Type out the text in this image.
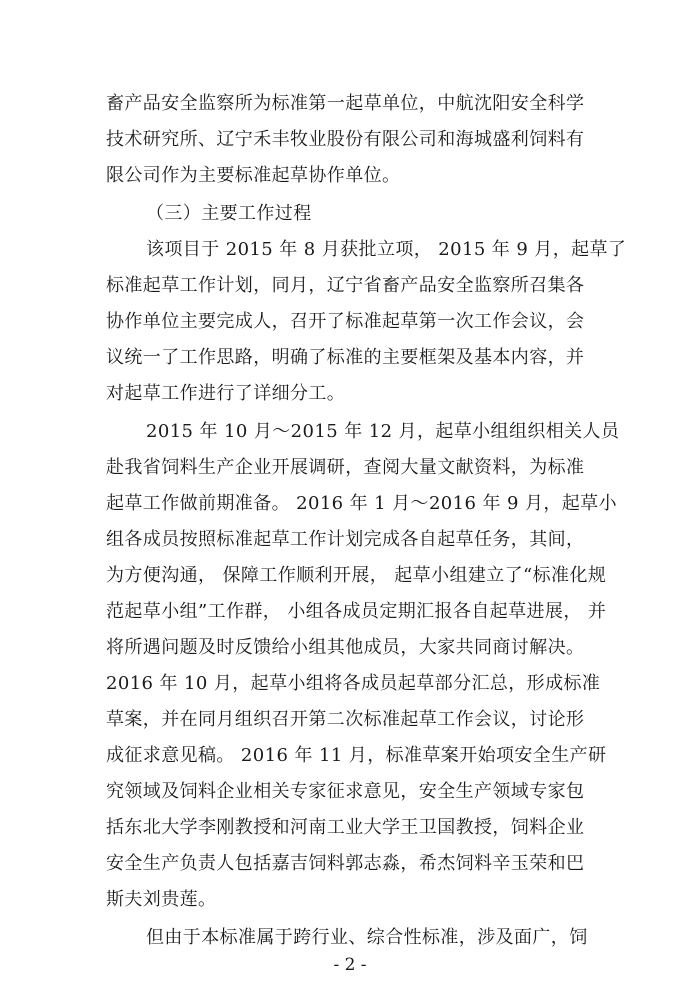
畜产品安全监察所为标准第一起草单位，中航沈阳安全科学
技术研究所、辽宁禾丰牧业股份有限公司和海城盛利饲料有
限公司作为主要标准起草协作单位。
（三）主要工作过程
该项目于 2015 年 8 月获批立项， 2015 年 9 月，起草了
标准起草工作计划，同月，辽宁省畜产品安全监察所召集各
协作单位主要完成人，召开了标准起草第一次工作会议，会
议统一了工作思路，明确了标准的主要框架及基本内容，并
对起草工作进行了详细分工。
2015 年 10 月～2015 年 12 月，起草小组组织相关人员
赴我省饲料生产企业开展调研，查阅大量文献资料，为标准
起草工作做前期准备。 2016 年 1 月～2016 年 9 月，起草小
组各成员按照标准起草工作计划完成各自起草任务，其间，
为方便沟通， 保障工作顺利开展， 起草小组建立了“标准化规
范起草小组”工作群， 小组各成员定期汇报各自起草进展， 并
将所遇问题及时反馈给小组其他成员，大家共同商讨解决。
2016 年 10 月，起草小组将各成员起草部分汇总，形成标准
草案，并在同月组织召开第二次标准起草工作会议，讨论形
成征求意见稿。 2016 年 11 月，标准草案开始项安全生产研
究领域及饲料企业相关专家征求意见，安全生产领域专家包
括东北大学李刚教授和河南工业大学王卫国教授，饲料企业
安全生产负责人包括嘉吉饲料郭志淼，希杰饲料辛玉荣和巴
斯夫刘贵莲。
但由于本标准属于跨行业、综合性标准，涉及面广，饲
- 2 -
